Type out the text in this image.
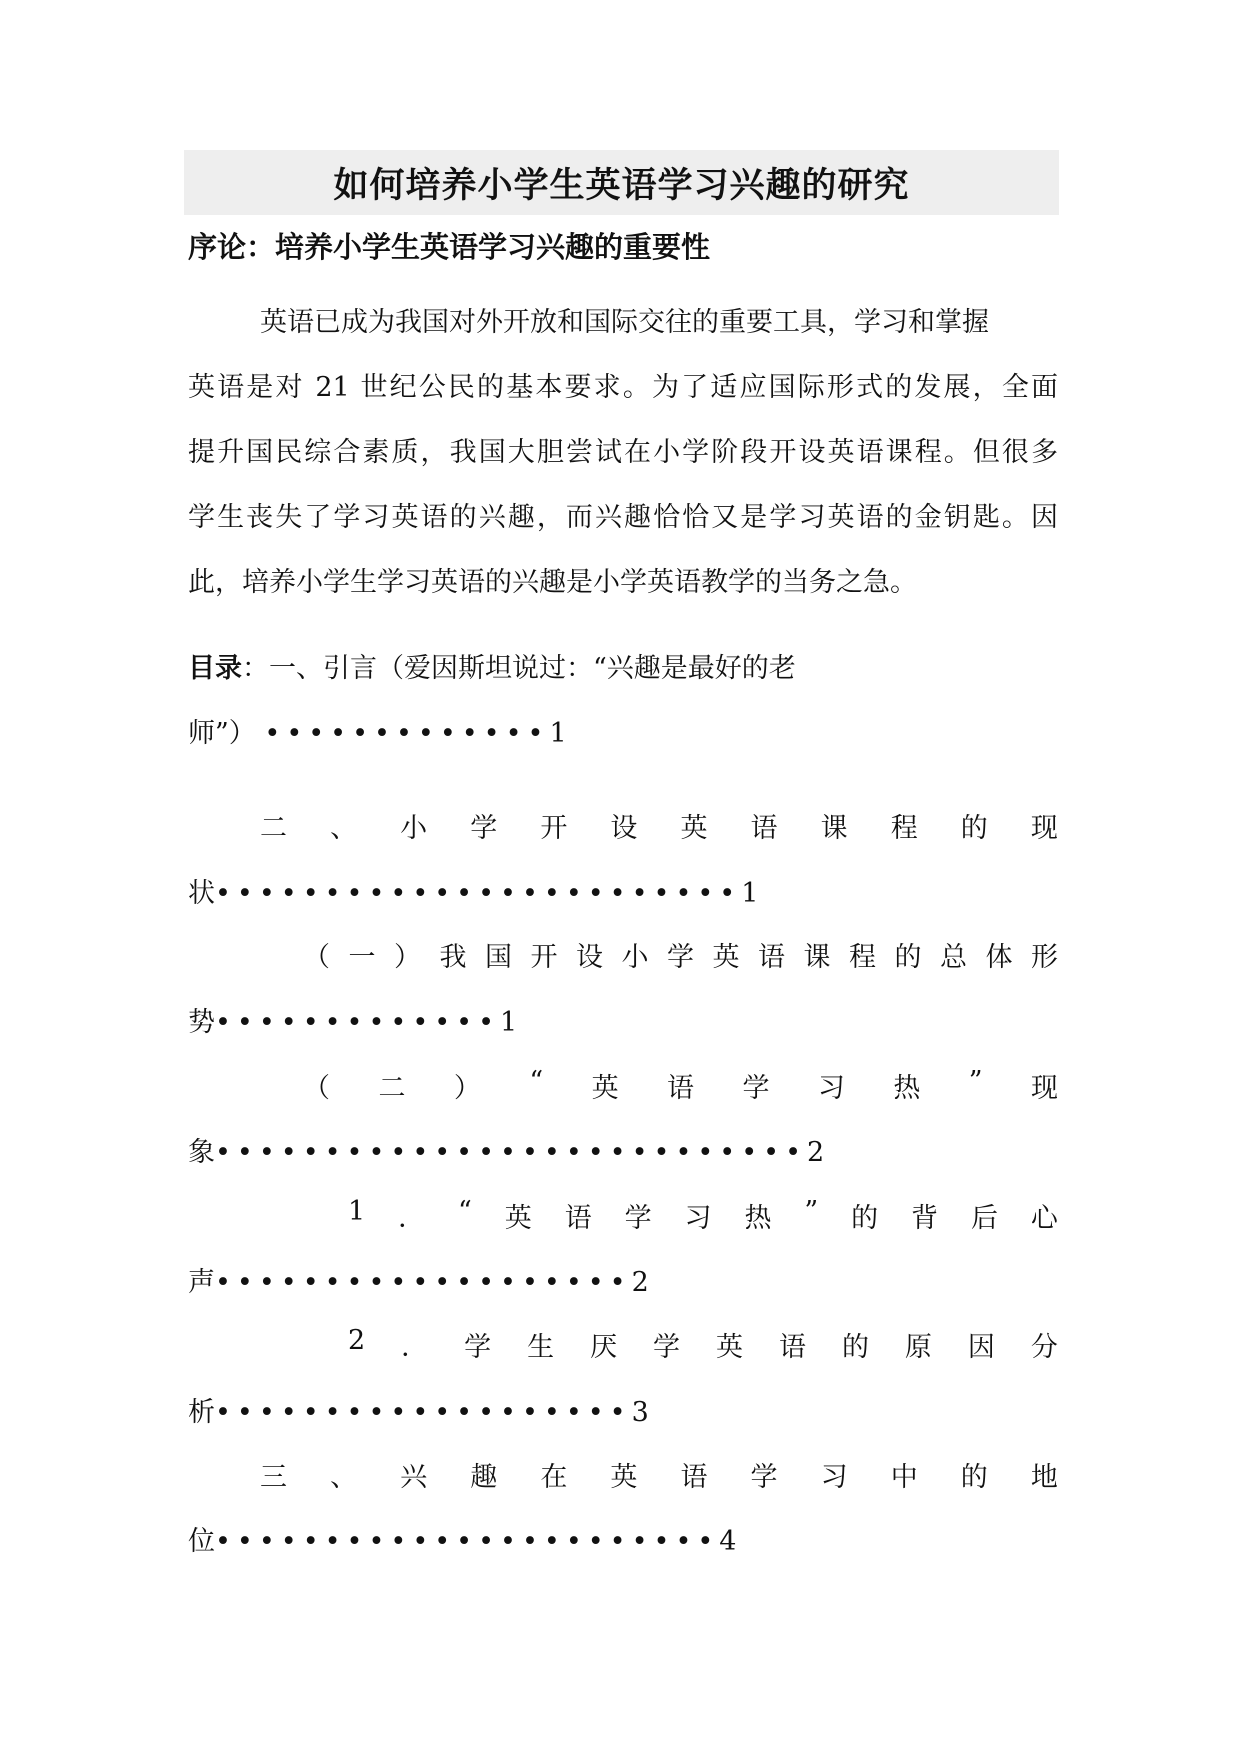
如何培养小学生英语学习兴趣的研究
序论：培养小学生英语学习兴趣的重要性
英语已成为我国对外开放和国际交往的重要工具，学习和掌握
英语是对 21 世纪公民的基本要求。为了适应国际形式的发展，全面
提升国民综合素质，我国大胆尝试在小学阶段开设英语课程。但很多
学生丧失了学习英语的兴趣，而兴趣恰恰又是学习英语的金钥匙。因
此，培养小学生学习英语的兴趣是小学英语教学的当务之急。
目录：一、引言（爱因斯坦说过：“兴趣是最好的老
师”） •••••••••••••1
二 、 小 学 开 设 英 语 课 程 的 现
状••••••••••••••••••••••••1
（ 一 ） 我 国 开 设 小 学 英 语 课 程 的 总 体 形
势•••••••••••••1
（ 二 ） “ 英 语 学 习 热 ” 现
象•••••••••••••••••••••••••••2
1 ． “ 英 语 学 习 热 ” 的 背 后 心
声•••••••••••••••••••2
2 ． 学 生 厌 学 英 语 的 原 因 分
析•••••••••••••••••••3
三 、 兴 趣 在 英 语 学 习 中 的 地
位•••••••••••••••••••••••4
